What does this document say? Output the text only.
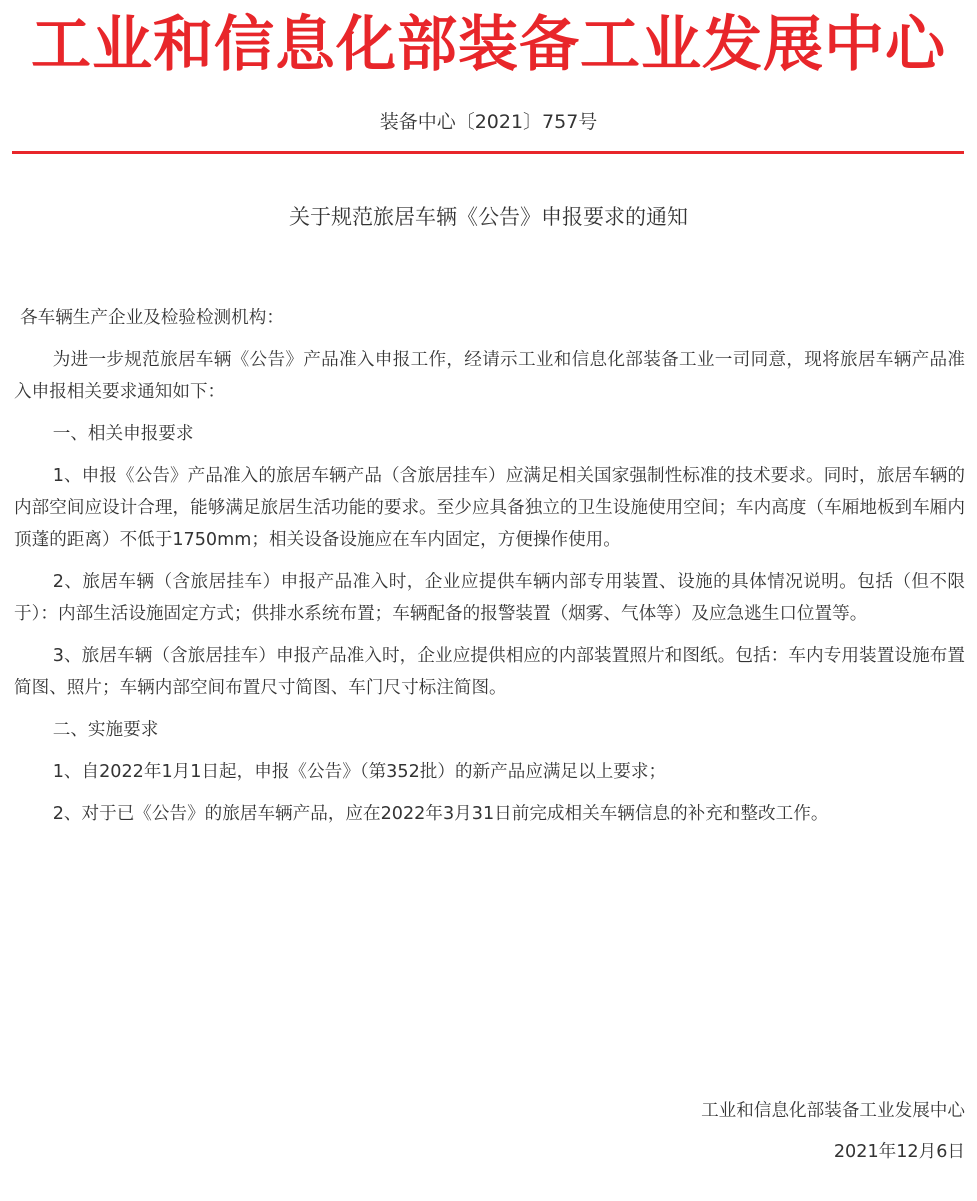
工业和信息化部装备工业发展中心
装备中心〔2021〕757号
关于规范旅居车辆《公告》申报要求的通知

各车辆生产企业及检验检测机构：

为进一步规范旅居车辆《公告》产品准入申报工作，经请示工业和信息化部装备工业一司同意，现将旅居车辆产品准入申报相关要求通知如下：

一、相关申报要求

1、申报《公告》产品准入的旅居车辆产品（含旅居挂车）应满足相关国家强制性标准的技术要求。同时，旅居车辆的内部空间应设计合理，能够满足旅居生活功能的要求。至少应具备独立的卫生设施使用空间；车内高度（车厢地板到车厢内顶蓬的距离）不低于1750mm；相关设备设施应在车内固定，方便操作使用。

2、旅居车辆（含旅居挂车）申报产品准入时，企业应提供车辆内部专用装置、设施的具体情况说明。包括（但不限于）：内部生活设施固定方式；供排水系统布置；车辆配备的报警装置（烟雾、气体等）及应急逃生口位置等。

3、旅居车辆（含旅居挂车）申报产品准入时，企业应提供相应的内部装置照片和图纸。包括：车内专用装置设施布置简图、照片；车辆内部空间布置尺寸简图、车门尺寸标注简图。

二、实施要求

1、自2022年1月1日起，申报《公告》（第352批）的新产品应满足以上要求；

2、对于已《公告》的旅居车辆产品，应在2022年3月31日前完成相关车辆信息的补充和整改工作。

工业和信息化部装备工业发展中心
2021年12月6日
